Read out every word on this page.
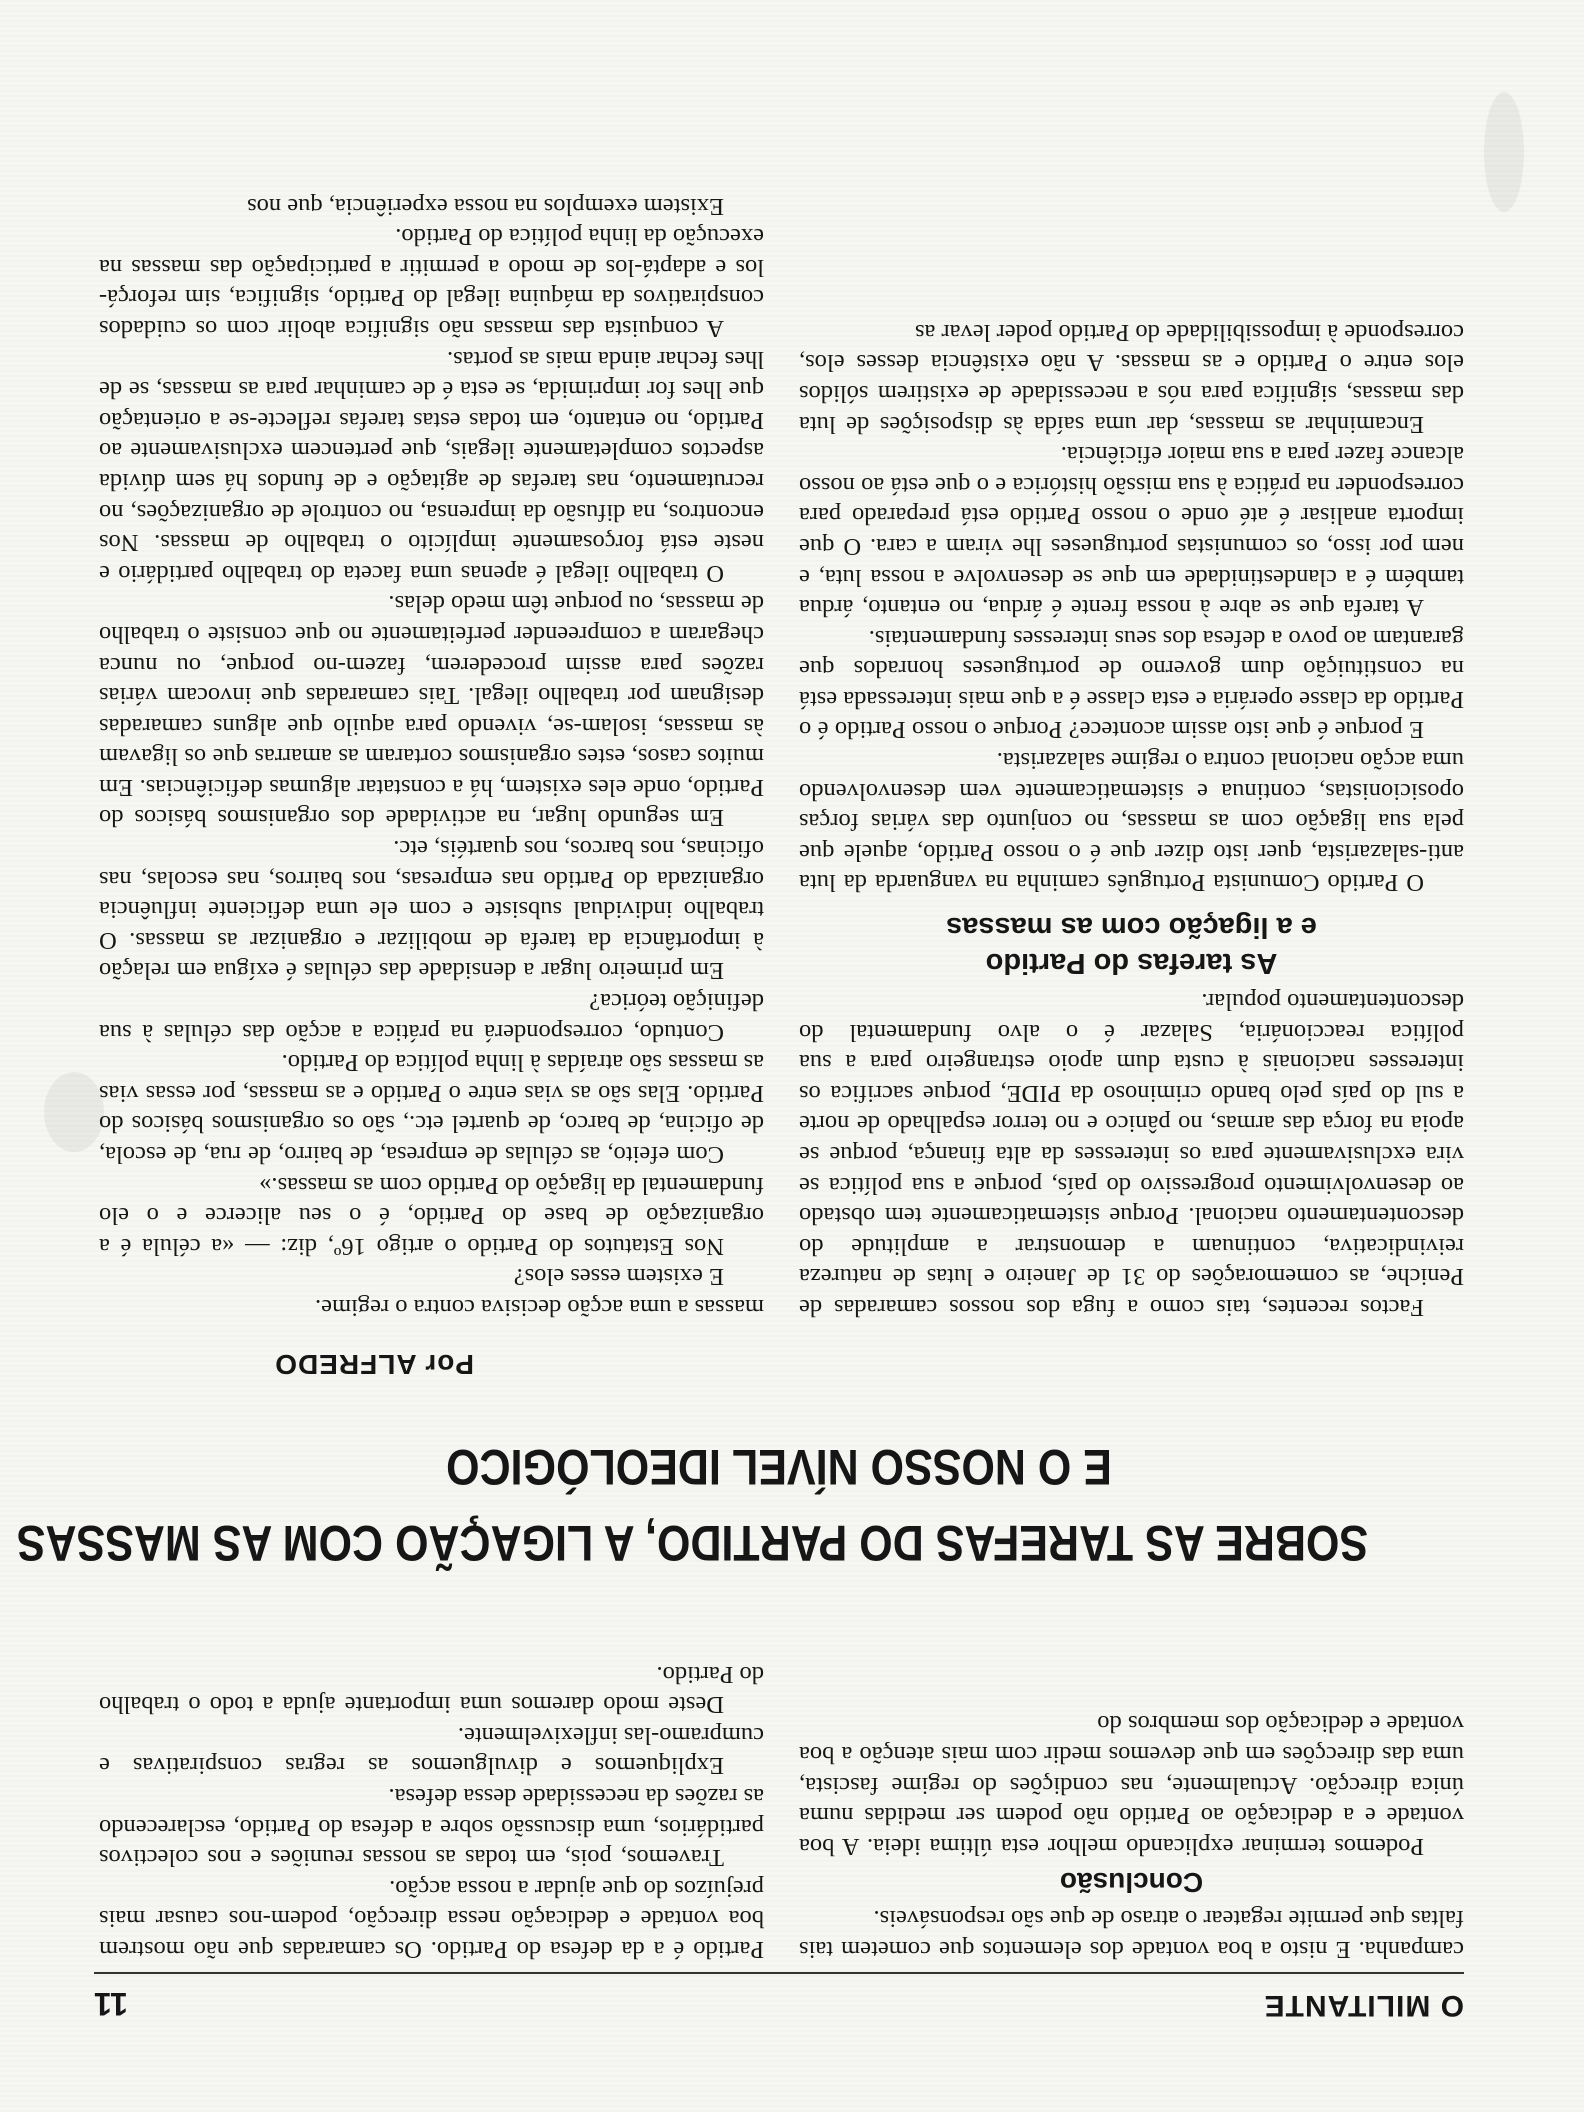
O MILITANTE
11

campanha. E nisto a boa vontade dos elementos que cometem tais faltas que permite regatear o atraso de que são responsáveis.

Conclusão

Podemos terminar explicando melhor esta última ideia. A boa vontade e a dedicação ao Partido não podem ser medidas numa única direcção. Actualmente, nas condições do regime fascista, uma das direcções em que devemos medir com mais atenção a boa vontade e dedicação dos membros do

Partido é a da defesa do Partido. Os camaradas que não mostrem boa vontade e dedicação nessa direcção, podem-nos causar mais prejuízos do que ajudar a nossa acção.

Travemos, pois, em todas as nossas reuniões e nos colectivos partidários, uma discussão sobre a defesa do Partido, esclarecendo as razões da necessidade dessa defesa.

Expliquemos e divulguemos as regras conspirativas e cumpramo-las inflexivelmente.

Deste modo daremos uma importante ajuda a todo o trabalho do Partido.

SOBRE AS TAREFAS DO PARTIDO, A LIGAÇÃO COM AS MASSAS
E O NOSSO NÍVEL IDEOLÓGICO
Por ALFREDO

Factos recentes, tais como a fuga dos nossos camaradas de Peniche, as comemorações do 31 de Janeiro e lutas de natureza reivindicativa, continuam a demonstrar a amplitude do descontentamento nacional. Porque sistematicamente tem obstado ao desenvolvimento progressivo do país, porque a sua política se vira exclusivamente para os interesses da alta finança, porque se apoia na força das armas, no pânico e no terror espalhado de norte a sul do país pelo bando criminoso da PIDE, porque sacrifica os interesses nacionais à custa dum apoio estrangeiro para a sua política reaccionária, Salazar é o alvo fundamental do descontentamento popular.

As tarefas do Partido
e a ligação com as massas

O Partido Comunista Português caminha na vanguarda da luta anti-salazarista, quer isto dizer que é o nosso Partido, aquele que pela sua ligação com as massas, no conjunto das várias forças oposicionistas, continua e sistematicamente vem desenvolvendo uma acção nacional contra o regime salazarista.

E porque é que isto assim acontece? Porque o nosso Partido é o Partido da classe operária e esta classe é a que mais interessada está na constituição dum governo de portugueses honrados que garantam ao povo a defesa dos seus interesses fundamentais.

A tarefa que se abre à nossa frente é árdua, no entanto, árdua também é a clandestinidade em que se desenvolve a nossa luta, e nem por isso, os comunistas portugueses lhe viram a cara. O que importa analisar é até onde o nosso Partido está preparado para corresponder na prática à sua missão histórica e o que está ao nosso alcance fazer para a sua maior eficiência.

Encaminhar as massas, dar uma saída às disposições de luta das massas, significa para nós a necessidade de existirem sólidos elos entre o Partido e as massas. A não existência desses elos, corresponde à impossibilidade do Partido poder levar as

massas a uma acção decisiva contra o regime.

E existem esses elos?

Nos Estatutos do Partido o artigo 16º, diz: — «a célula é a organização de base do Partido, é o seu alicerce e o elo fundamental da ligação do Partido com as massas.»

Com efeito, as células de empresa, de bairro, de rua, de escola, de oficina, de barco, de quartel etc., são os organismos básicos do Partido. Elas são as vias entre o Partido e as massas, por essas vias as massas são atraídas à linha política do Partido.

Contudo, corresponderá na prática a acção das células à sua definição teórica?

Em primeiro lugar a densidade das células é exígua em relação à importância da tarefa de mobilizar e organizar as massas. O trabalho individual subsiste e com ele uma deficiente influência organizada do Partido nas empresas, nos bairros, nas escolas, nas oficinas, nos barcos, nos quartéis, etc.

Em segundo lugar, na actividade dos organismos básicos do Partido, onde eles existem, há a constatar algumas deficiências. Em muitos casos, estes organismos cortaram as amarras que os ligavam às massas, isolam-se, vivendo para aquilo que alguns camaradas designam por trabalho ilegal. Tais camaradas que invocam várias razões para assim procederem, fazem-no porque, ou nunca chegaram a compreender perfeitamente no que consiste o trabalho de massas, ou porque têm medo delas.

O trabalho ilegal é apenas uma faceta do trabalho partidário e neste está forçosamente implícito o trabalho de massas. Nos encontros, na difusão da imprensa, no controle de organizações, no recrutamento, nas tarefas de agitação e de fundos há sem dúvida aspectos completamente ilegais, que pertencem exclusivamente ao Partido, no entanto, em todas estas tarefas reflecte-se a orientação que lhes for imprimida, se esta é de caminhar para as massas, se de lhes fechar ainda mais as portas.

A conquista das massas não significa abolir com os cuidados conspirativos da máquina ilegal do Partido, significa, sim reforçá-los e adaptá-los de modo a permitir a participação das massas na execução da linha política do Partido.

Existem exemplos na nossa experiência, que nos
